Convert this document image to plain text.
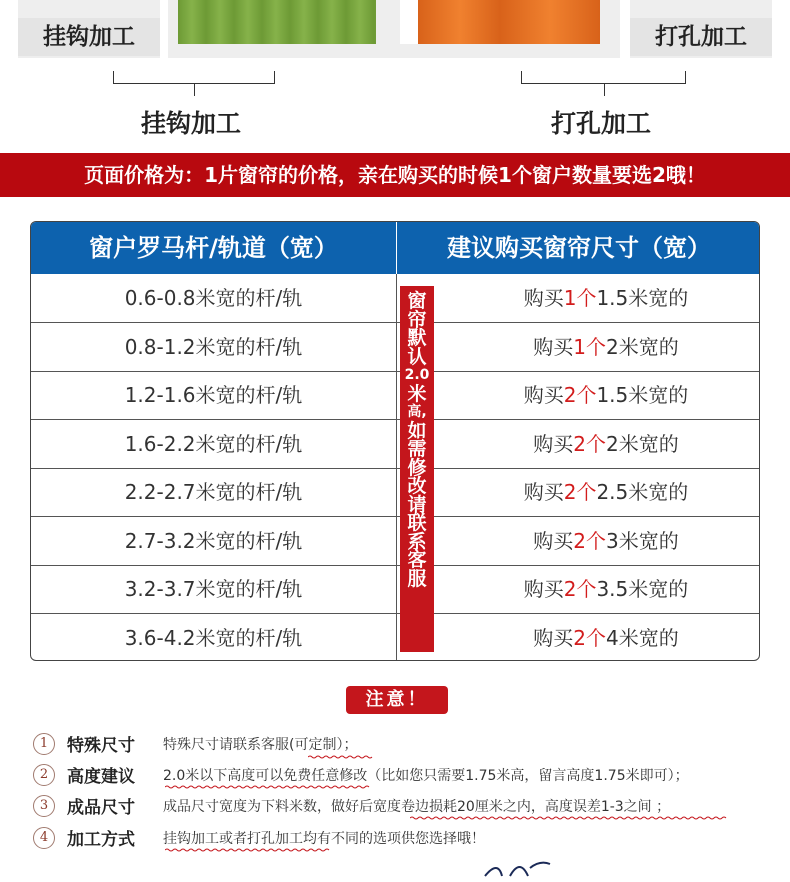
挂钩加工	打孔加工
挂钩加工	打孔加工
页面价格为：1片窗帘的价格，亲在购买的时候1个窗户数量要选2哦！
窗户罗马杆/轨道（宽）	建议购买窗帘尺寸（宽）
0.6-0.8米宽的杆/轨	购买1个1.5米宽的
0.8-1.2米宽的杆/轨	购买1个2米宽的
1.2-1.6米宽的杆/轨	购买2个1.5米宽的
1.6-2.2米宽的杆/轨	购买2个2米宽的
2.2-2.7米宽的杆/轨	购买2个2.5米宽的
2.7-3.2米宽的杆/轨	购买2个3米宽的
3.2-3.7米宽的杆/轨	购买2个3.5米宽的
3.6-4.2米宽的杆/轨	购买2个4米宽的
窗
帘
默
认
2.0
米
高,
如
需
修
改
请
联
系
客
服
注意！
1	特殊尺寸 特殊尺寸请联系客服(可定制）；
2	高度建议 2.0米以下高度可以免费任意修改（比如您只需要1.75米高，留言高度1.75米即可）；
3	成品尺寸 成品尺寸宽度为下料米数，做好后宽度卷边损耗20厘米之内，高度误差1-3之间 ；
4	加工方式 挂钩加工或者打孔加工均有不同的选项供您选择哦！
